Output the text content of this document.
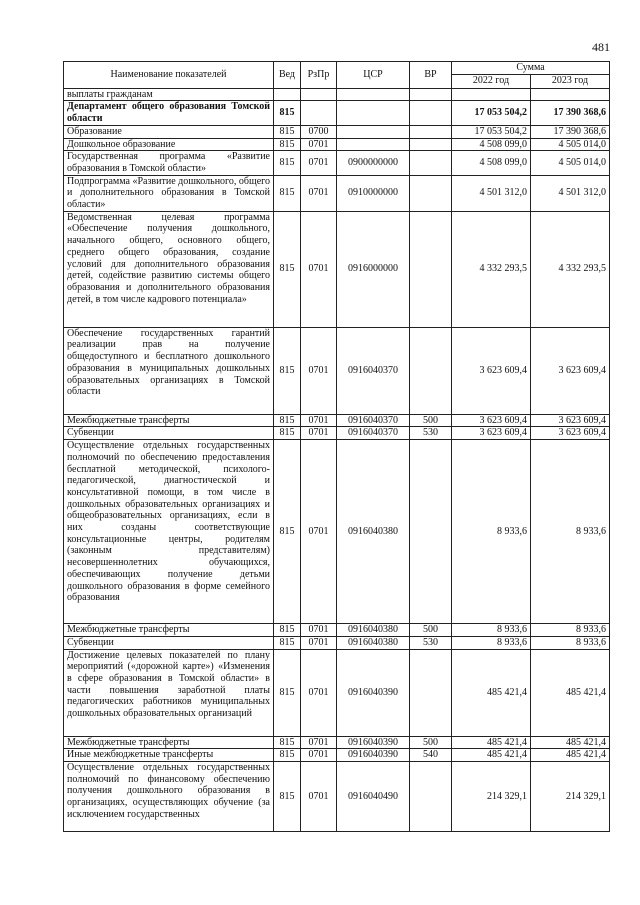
481
Наименование показателей	Вед	РзПр	ЦСР	ВР	Сумма	
					2022 год	2023 год
выплаты гражданам						
Департамент общего образования Томской области	815				17 053 504,2	17 390 368,6
Образование	815	0700			17 053 504,2	17 390 368,6
Дошкольное образование	815	0701			4 508 099,0	4 505 014,0
Государственная программа «Развитие образования в Томской области»	815	0701	0900000000		4 508 099,0	4 505 014,0
Подпрограмма «Развитие дошкольного, общего и дополнительного образования в Томской области»	815	0701	0910000000		4 501 312,0	4 501 312,0
Ведомственная целевая программа «Обеспечение получения дошкольного, начального общего, основного общего, среднего общего образования, создание условий для дополнительного образования детей, содействие развитию системы общего образования и дополнительного образования детей, в том числе кадрового потенциала»	815	0701	0916000000		4 332 293,5	4 332 293,5
Обеспечение государственных гарантий реализации прав на получение общедоступного и бесплатного дошкольного образования в муниципальных дошкольных образовательных организациях в Томской области	815	0701	0916040370		3 623 609,4	3 623 609,4
Межбюджетные трансферты	815	0701	0916040370	500	3 623 609,4	3 623 609,4
Субвенции	815	0701	0916040370	530	3 623 609,4	3 623 609,4
Осуществление отдельных государственных полномочий по обеспечению предоставления бесплатной методической, психолого-педагогической, диагностической и консультативной помощи, в том числе в дошкольных образовательных организациях и общеобразовательных организациях, если в них созданы соответствующие консультационные центры, родителям (законным представителям) несовершеннолетних обучающихся, обеспечивающих получение детьми дошкольного образования в форме семейного образования	815	0701	0916040380		8 933,6	8 933,6
Межбюджетные трансферты	815	0701	0916040380	500	8 933,6	8 933,6
Субвенции	815	0701	0916040380	530	8 933,6	8 933,6
Достижение целевых показателей по плану мероприятий («дорожной карте») «Изменения в сфере образования в Томской области» в части повышения заработной платы педагогических работников муниципальных дошкольных образовательных организаций	815	0701	0916040390		485 421,4	485 421,4
Межбюджетные трансферты	815	0701	0916040390	500	485 421,4	485 421,4
Иные межбюджетные трансферты	815	0701	0916040390	540	485 421,4	485 421,4
Осуществление отдельных государственных полномочий по финансовому обеспечению получения дошкольного образования в организациях, осуществляющих обучение (за исключением государственных	815	0701	0916040490		214 329,1	214 329,1
